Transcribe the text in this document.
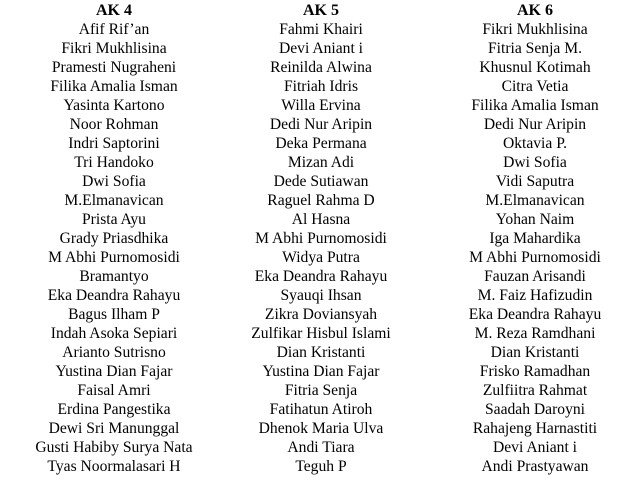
AK 4
Afif Rif’an
Fikri Mukhlisina
Pramesti Nugraheni
Filika Amalia Isman
Yasinta Kartono
Noor Rohman
Indri Saptorini
Tri Handoko
Dwi Sofia
M.Elmanavican
Prista Ayu
Grady Priasdhika
M Abhi Purnomosidi
Bramantyo
Eka Deandra Rahayu
Bagus Ilham P
Indah Asoka Sepiari
Arianto Sutrisno
Yustina Dian Fajar
Faisal Amri
Erdina Pangestika
Dewi Sri Manunggal
Gusti Habiby Surya Nata
Tyas Noormalasari H
AK 5
Fahmi Khairi
Devi Aniant i
Reinilda Alwina
Fitriah Idris
Willa Ervina
Dedi Nur Aripin
Deka Permana
Mizan Adi
Dede Sutiawan
Raguel Rahma D
Al Hasna
M Abhi Purnomosidi
Widya Putra
Eka Deandra Rahayu
Syauqi Ihsan
Zikra Doviansyah
Zulfikar Hisbul Islami
Dian Kristanti
Yustina Dian Fajar
Fitria Senja
Fatihatun Atiroh
Dhenok Maria Ulva
Andi Tiara
Teguh P
AK 6
Fikri Mukhlisina
Fitria Senja M.
Khusnul Kotimah
Citra Vetia
Filika Amalia Isman
Dedi Nur Aripin
Oktavia P.
Dwi Sofia
Vidi Saputra
M.Elmanavican
Yohan Naim
Iga Mahardika
M Abhi Purnomosidi
Fauzan Arisandi
M. Faiz Hafizudin
Eka Deandra Rahayu
M. Reza Ramdhani
Dian Kristanti
Frisko Ramadhan
Zulfiitra Rahmat
Saadah Daroyni
Rahajeng Harnastiti
Devi Aniant i
Andi Prastyawan
